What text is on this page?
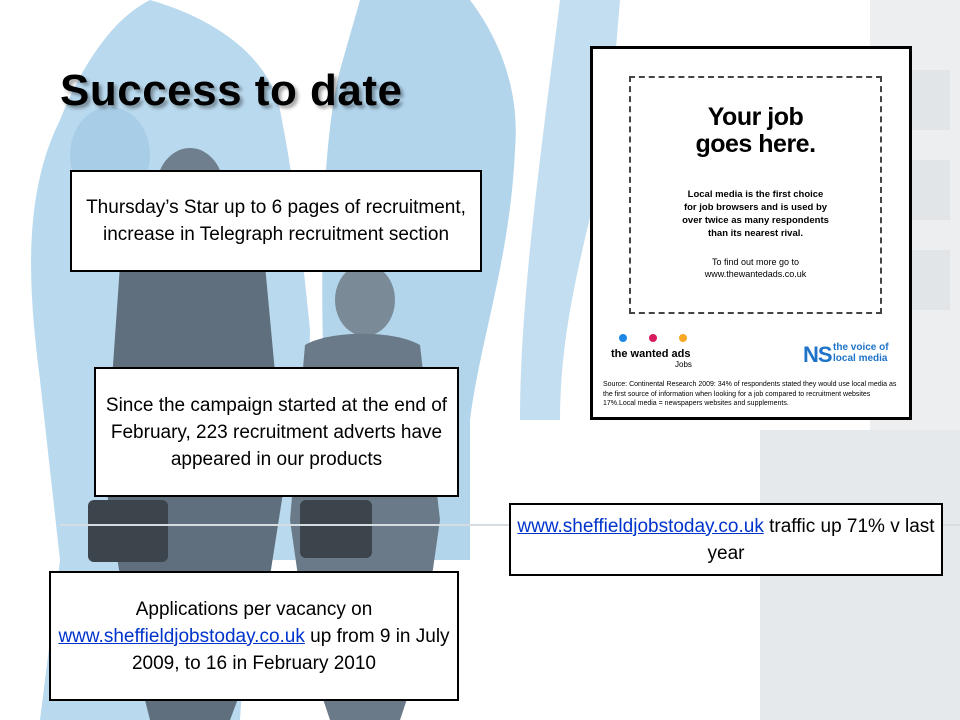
Success to date
Thursday’s Star up to 6 pages of recruitment, increase in Telegraph recruitment section
Since the campaign started at the end of February, 223 recruitment adverts have appeared in our products
www.sheffieldjobstoday.co.uk traffic up 71% v last year
Applications per vacancy on www.sheffieldjobstoday.co.uk up from 9 in July 2009, to 16 in February 2010
Your job
goes here.
Local media is the first choice
for job browsers and is used by
over twice as many respondents
than its nearest rival.
To find out more go to
www.thewantedads.co.uk
the wanted ads
Jobs	NS the voice of
local media
Source: Continental Research 2009: 34% of respondents stated they would use local media as the first source of information when looking for a job compared to recruitment websites 17%.Local media = newspapers websites and supplements.
